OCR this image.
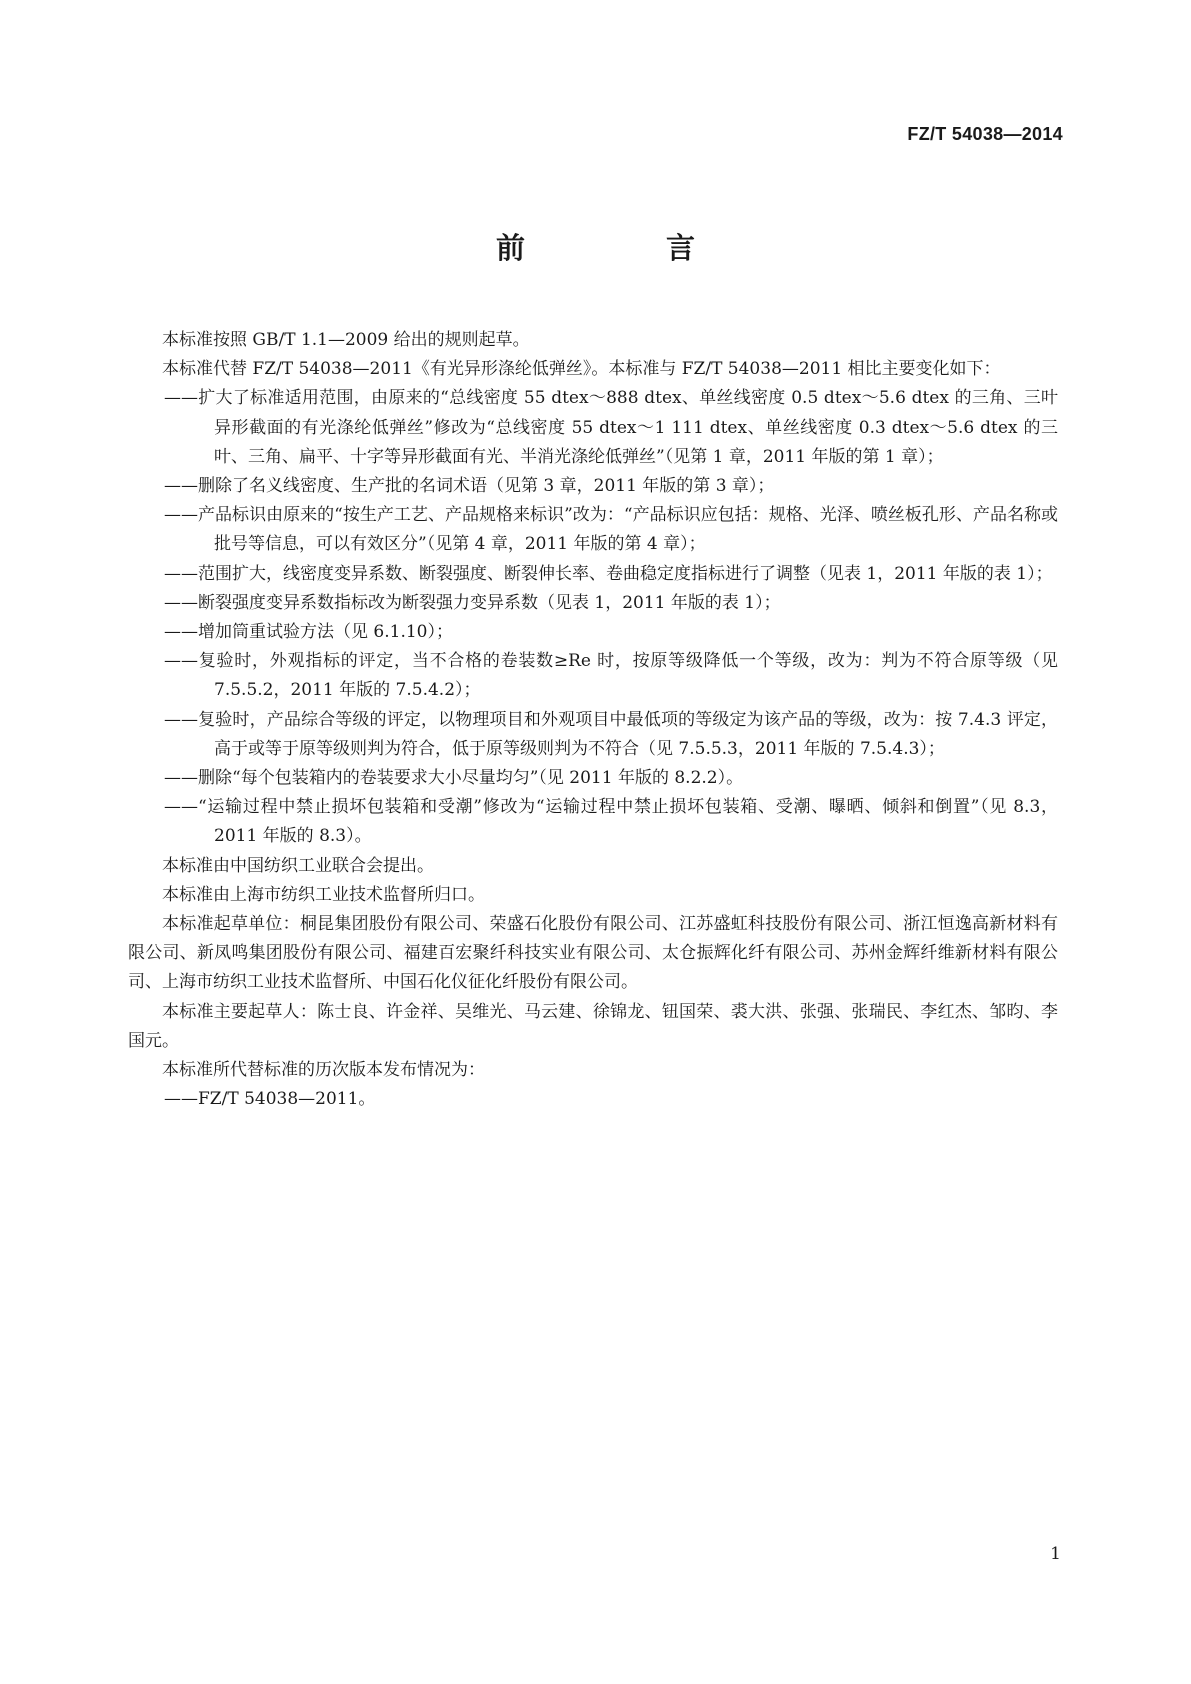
FZ/T 54038—2014
前　言

本标准按照 GB/T 1.1—2009 给出的规则起草。

本标准代替 FZ/T 54038—2011《有光异形涤纶低弹丝》。本标准与 FZ/T 54038—2011 相比主要变化如下：

——扩大了标准适用范围，由原来的“总线密度 55 dtex～888 dtex、单丝线密度 0.5 dtex～5.6 dtex 的三角、三叶异形截面的有光涤纶低弹丝”修改为“总线密度 55 dtex～1 111 dtex、单丝线密度 0.3 dtex～5.6 dtex 的三叶、三角、扁平、十字等异形截面有光、半消光涤纶低弹丝”（见第 1 章，2011 年版的第 1 章）；

——删除了名义线密度、生产批的名词术语（见第 3 章，2011 年版的第 3 章）；

——产品标识由原来的“按生产工艺、产品规格来标识”改为：“产品标识应包括：规格、光泽、喷丝板孔形、产品名称或批号等信息，可以有效区分”（见第 4 章，2011 年版的第 4 章）；

——范围扩大，线密度变异系数、断裂强度、断裂伸长率、卷曲稳定度指标进行了调整（见表 1，2011 年版的表 1）；

——断裂强度变异系数指标改为断裂强力变异系数（见表 1，2011 年版的表 1）；

——增加筒重试验方法（见 6.1.10）；

——复验时，外观指标的评定，当不合格的卷装数≥Re 时，按原等级降低一个等级，改为：判为不符合原等级（见 7.5.5.2，2011 年版的 7.5.4.2）；

——复验时，产品综合等级的评定，以物理项目和外观项目中最低项的等级定为该产品的等级，改为：按 7.4.3 评定，高于或等于原等级则判为符合，低于原等级则判为不符合（见 7.5.5.3，2011 年版的 7.5.4.3）；

——删除“每个包装箱内的卷装要求大小尽量均匀”（见 2011 年版的 8.2.2）。

——“运输过程中禁止损坏包装箱和受潮”修改为“运输过程中禁止损坏包装箱、受潮、曝晒、倾斜和倒置”（见 8.3，2011 年版的 8.3）。

本标准由中国纺织工业联合会提出。

本标准由上海市纺织工业技术监督所归口。

本标准起草单位：桐昆集团股份有限公司、荣盛石化股份有限公司、江苏盛虹科技股份有限公司、浙江恒逸高新材料有限公司、新凤鸣集团股份有限公司、福建百宏聚纤科技实业有限公司、太仓振辉化纤有限公司、苏州金辉纤维新材料有限公司、上海市纺织工业技术监督所、中国石化仪征化纤股份有限公司。

本标准主要起草人：陈士良、许金祥、吴维光、马云建、徐锦龙、钮国荣、裘大洪、张强、张瑞民、李红杰、邹昀、李国元。

本标准所代替标准的历次版本发布情况为：

——FZ/T 54038—2011。

1
